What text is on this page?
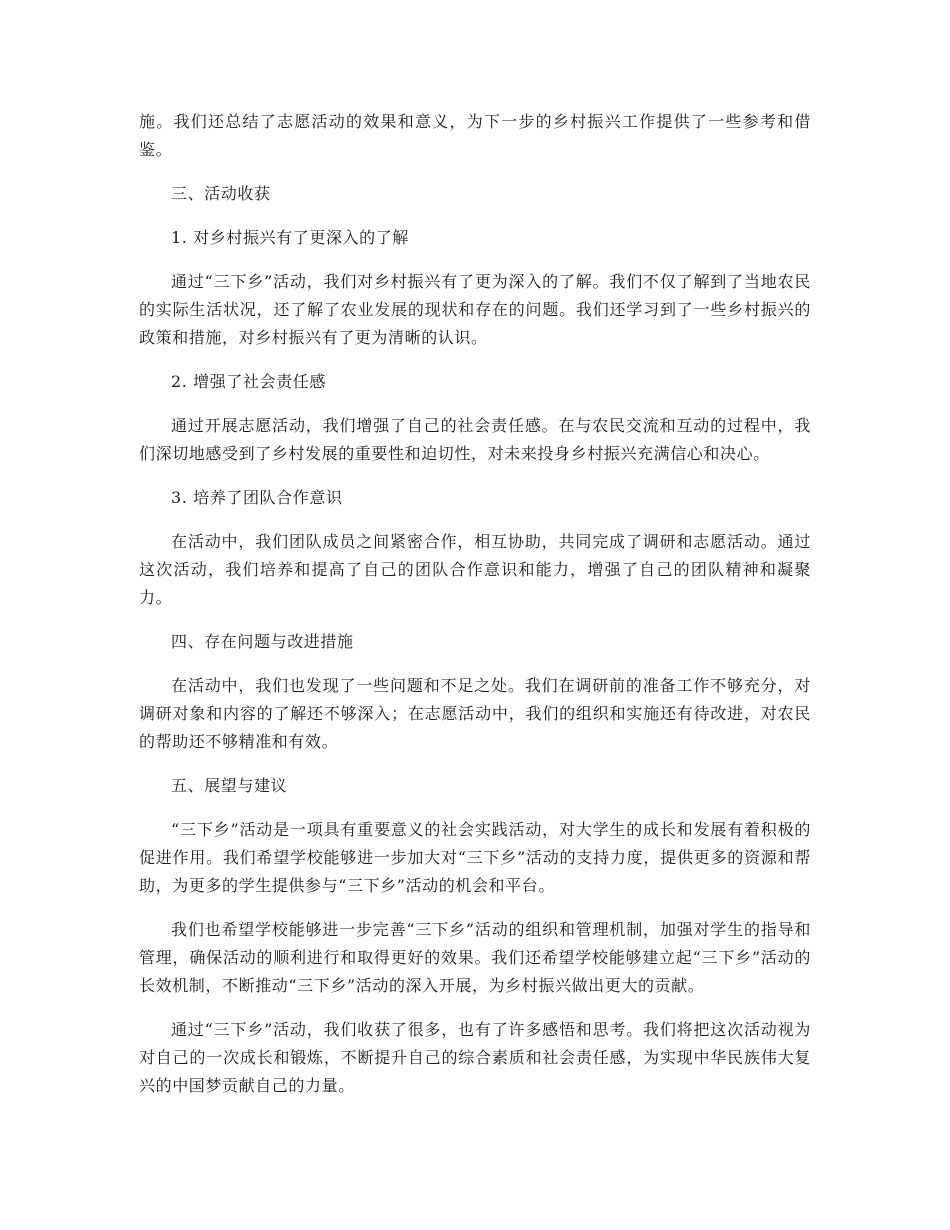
施。我们还总结了志愿活动的效果和意义，为下一步的乡村振兴工作提供了一些参考和借鉴。

三、活动收获

1. 对乡村振兴有了更深入的了解

通过“三下乡”活动，我们对乡村振兴有了更为深入的了解。我们不仅了解到了当地农民的实际生活状况，还了解了农业发展的现状和存在的问题。我们还学习到了一些乡村振兴的政策和措施，对乡村振兴有了更为清晰的认识。

2. 增强了社会责任感

通过开展志愿活动，我们增强了自己的社会责任感。在与农民交流和互动的过程中，我们深切地感受到了乡村发展的重要性和迫切性，对未来投身乡村振兴充满信心和决心。

3. 培养了团队合作意识

在活动中，我们团队成员之间紧密合作，相互协助，共同完成了调研和志愿活动。通过这次活动，我们培养和提高了自己的团队合作意识和能力，增强了自己的团队精神和凝聚力。

四、存在问题与改进措施

在活动中，我们也发现了一些问题和不足之处。我们在调研前的准备工作不够充分，对调研对象和内容的了解还不够深入；在志愿活动中，我们的组织和实施还有待改进，对农民的帮助还不够精准和有效。

五、展望与建议

“三下乡”活动是一项具有重要意义的社会实践活动，对大学生的成长和发展有着积极的促进作用。我们希望学校能够进一步加大对“三下乡”活动的支持力度，提供更多的资源和帮助，为更多的学生提供参与“三下乡”活动的机会和平台。

我们也希望学校能够进一步完善“三下乡”活动的组织和管理机制，加强对学生的指导和管理，确保活动的顺利进行和取得更好的效果。我们还希望学校能够建立起“三下乡”活动的长效机制，不断推动“三下乡”活动的深入开展，为乡村振兴做出更大的贡献。

通过“三下乡”活动，我们收获了很多，也有了许多感悟和思考。我们将把这次活动视为对自己的一次成长和锻炼，不断提升自己的综合素质和社会责任感，为实现中华民族伟大复兴的中国梦贡献自己的力量。
